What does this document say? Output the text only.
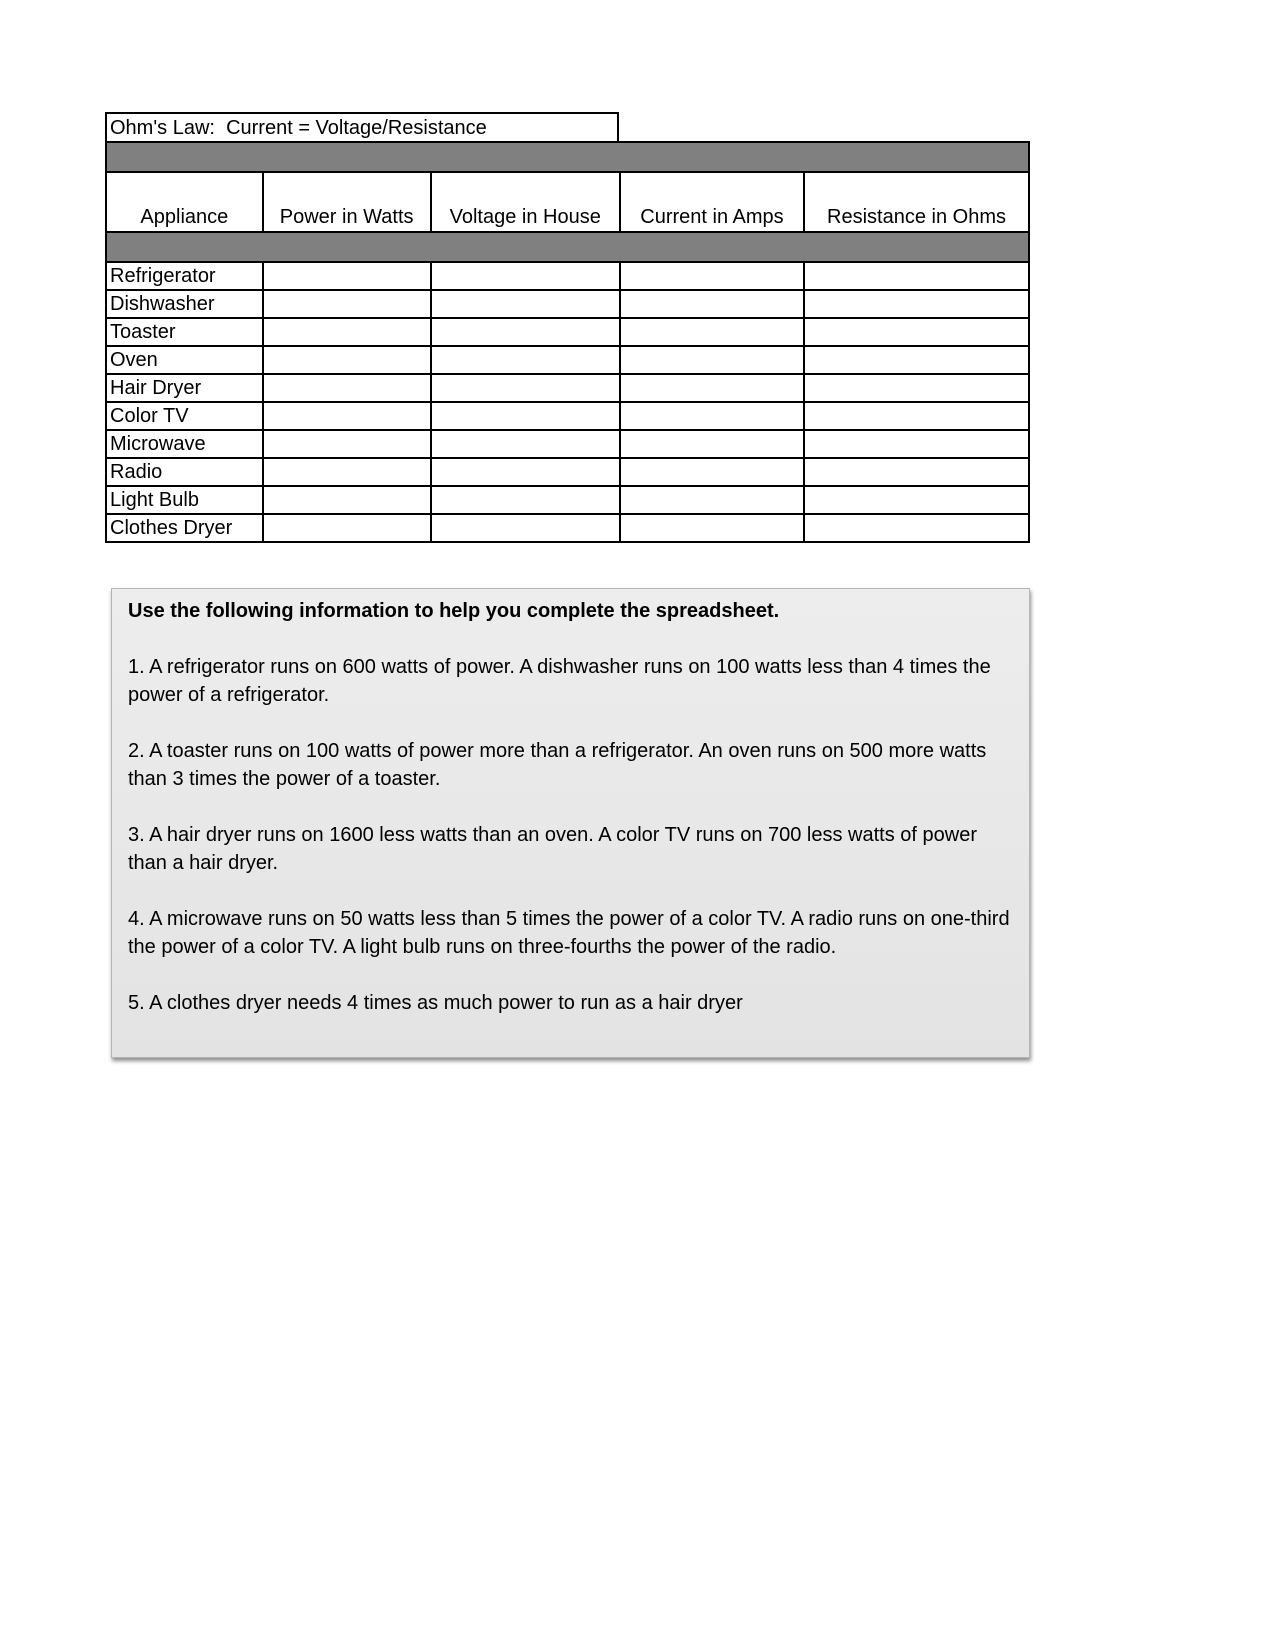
Ohm's Law:  Current = Voltage/Resistance

Appliance	Power in Watts	Voltage in House	Current in Amps	Resistance in Ohms

Refrigerator				
Dishwasher				
Toaster				
Oven				
Hair Dryer				
Color TV				
Microwave				
Radio				
Light Bulb				
Clothes Dryer				

Use the following information to help you complete the spreadsheet.

1. A refrigerator runs on 600 watts of power. A dishwasher runs on 100 watts less than 4 times the power of a refrigerator.

2. A toaster runs on 100 watts of power more than a refrigerator. An oven runs on 500 more watts than 3 times the power of a toaster.

3. A hair dryer runs on 1600 less watts than an oven. A color TV runs on 700 less watts of power than a hair dryer.

4. A microwave runs on 50 watts less than 5 times the power of a color TV. A radio runs on one-third the power of a color TV. A light bulb runs on three-fourths the power of the radio.

5. A clothes dryer needs 4 times as much power to run as a hair dryer
